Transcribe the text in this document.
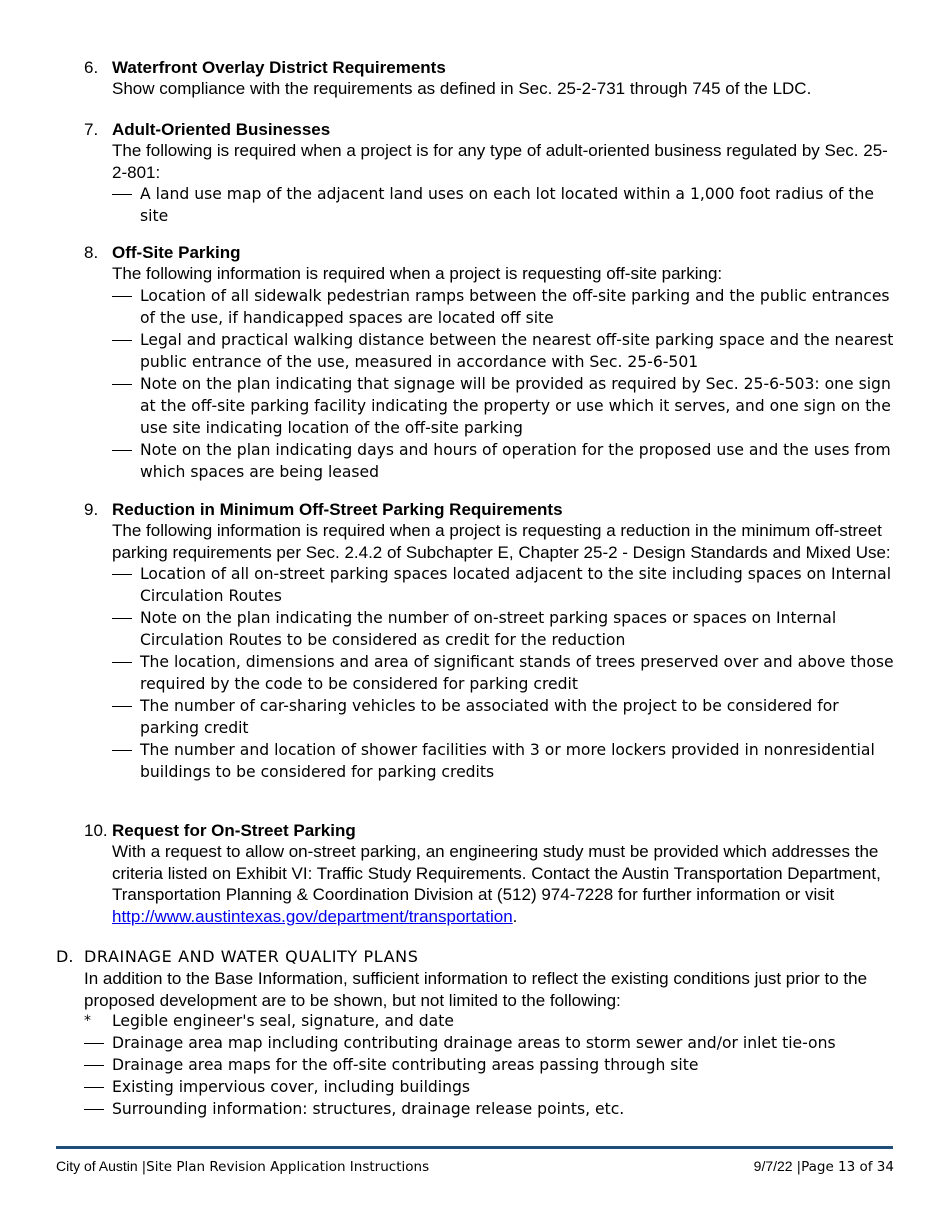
6. Waterfront Overlay District Requirements
Show compliance with the requirements as defined in Sec. 25-2-731 through 745 of the LDC.
7. Adult-Oriented Businesses
The following is required when a project is for any type of adult-oriented business regulated by Sec. 25-2-801:
A land use map of the adjacent land uses on each lot located within a 1,000 foot radius of the site
8. Off-Site Parking
The following information is required when a project is requesting off-site parking:
Location of all sidewalk pedestrian ramps between the off-site parking and the public entrances of the use, if handicapped spaces are located off site
Legal and practical walking distance between the nearest off-site parking space and the nearest public entrance of the use, measured in accordance with Sec. 25-6-501
Note on the plan indicating that signage will be provided as required by Sec. 25-6-503: one sign at the off-site parking facility indicating the property or use which it serves, and one sign on the use site indicating location of the off-site parking
Note on the plan indicating days and hours of operation for the proposed use and the uses from which spaces are being leased
9. Reduction in Minimum Off-Street Parking Requirements
The following information is required when a project is requesting a reduction in the minimum off-street parking requirements per Sec. 2.4.2 of Subchapter E, Chapter 25-2 - Design Standards and Mixed Use:
Location of all on-street parking spaces located adjacent to the site including spaces on Internal Circulation Routes
Note on the plan indicating the number of on-street parking spaces or spaces on Internal Circulation Routes to be considered as credit for the reduction
The location, dimensions and area of significant stands of trees preserved over and above those required by the code to be considered for parking credit
The number of car-sharing vehicles to be associated with the project to be considered for parking credit
The number and location of shower facilities with 3 or more lockers provided in nonresidential buildings to be considered for parking credits
10. Request for On-Street Parking
With a request to allow on-street parking, an engineering study must be provided which addresses the criteria listed on Exhibit VI: Traffic Study Requirements. Contact the Austin Transportation Department, Transportation Planning & Coordination Division at (512) 974-7228 for further information or visit http://www.austintexas.gov/department/transportation.
D. DRAINAGE AND WATER QUALITY PLANS
In addition to the Base Information, sufficient information to reflect the existing conditions just prior to the proposed development are to be shown, but not limited to the following:
* Legible engineer's seal, signature, and date
Drainage area map including contributing drainage areas to storm sewer and/or inlet tie-ons
Drainage area maps for the off-site contributing areas passing through site
Existing impervious cover, including buildings
Surrounding information: structures, drainage release points, etc.
City of Austin |Site Plan Revision Application Instructions	9/7/22 |Page 13 of 34
